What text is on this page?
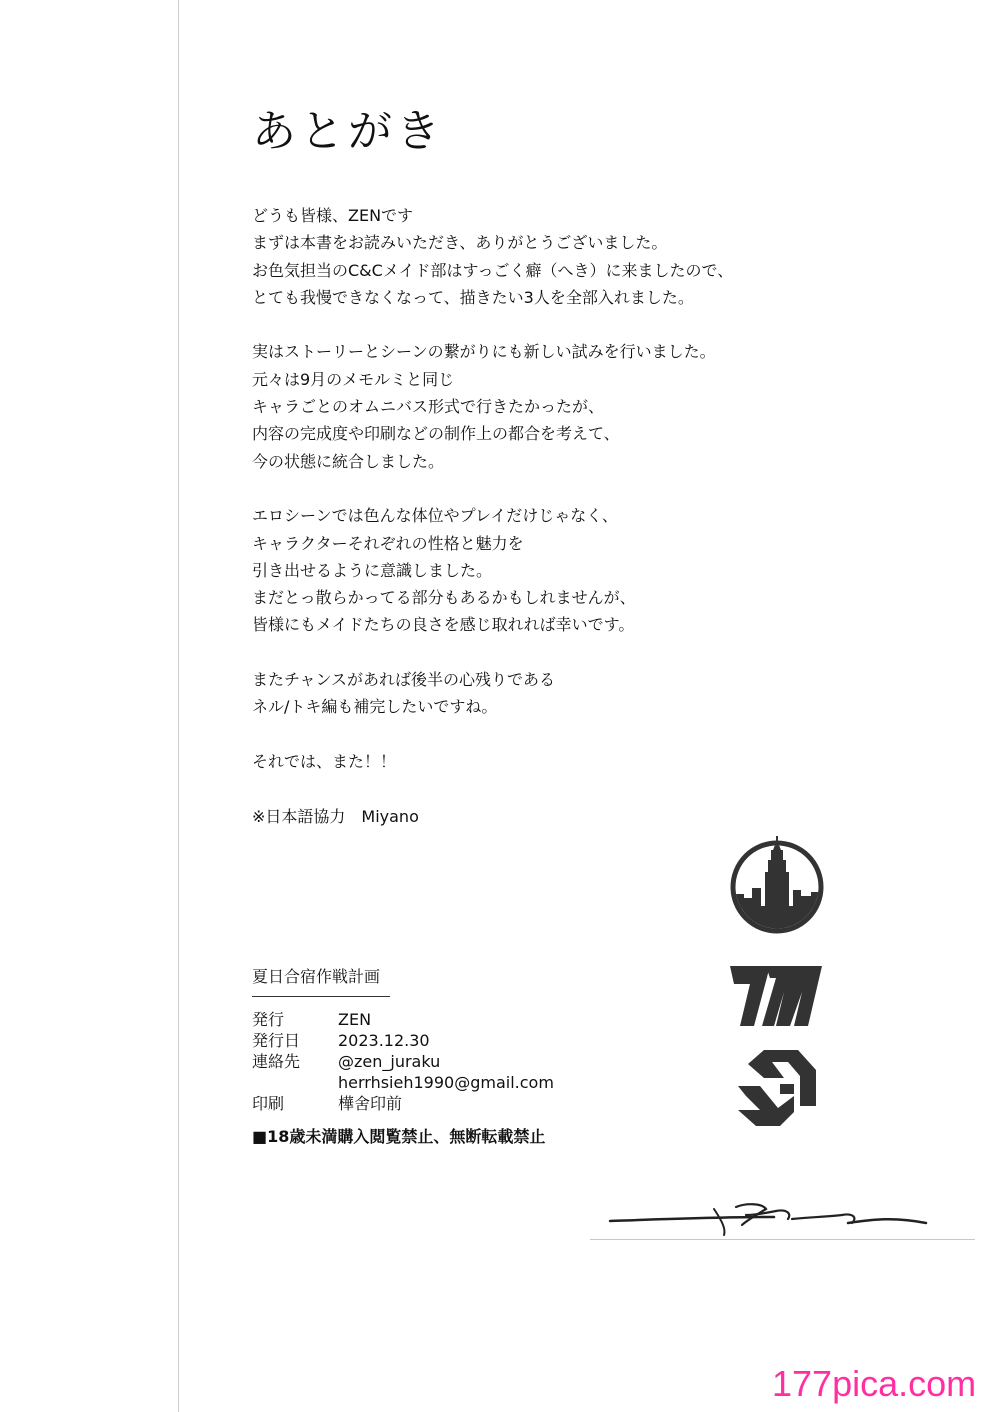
あとがき
どうも皆様、ZENです
まずは本書をお読みいただき、ありがとうございました。
お色気担当のC&Cメイド部はすっごく癖（へき）に来ましたので、
とても我慢できなくなって、描きたい3人を全部入れました。
実はストーリーとシーンの繋がりにも新しい試みを行いました。
元々は9月のメモルミと同じ
キャラごとのオムニバス形式で行きたかったが、
内容の完成度や印刷などの制作上の都合を考えて、
今の状態に統合しました。
エロシーンでは色んな体位やプレイだけじゃなく、
キャラクターそれぞれの性格と魅力を
引き出せるように意識しました。
まだとっ散らかってる部分もあるかもしれませんが、
皆様にもメイドたちの良さを感じ取れれば幸いです。
またチャンスがあれば後半の心残りである
ネル/トキ編も補完したいですね。
それでは、また！！
※日本語協力　Miyano
夏日合宿作戦計画
発行	ZEN
発行日	2023.12.30
連絡先	@zen_juraku
herrhsieh1990@gmail.com
印刷	樺舍印前
■18歳未満購入閲覧禁止、無断転載禁止
177pica.com
